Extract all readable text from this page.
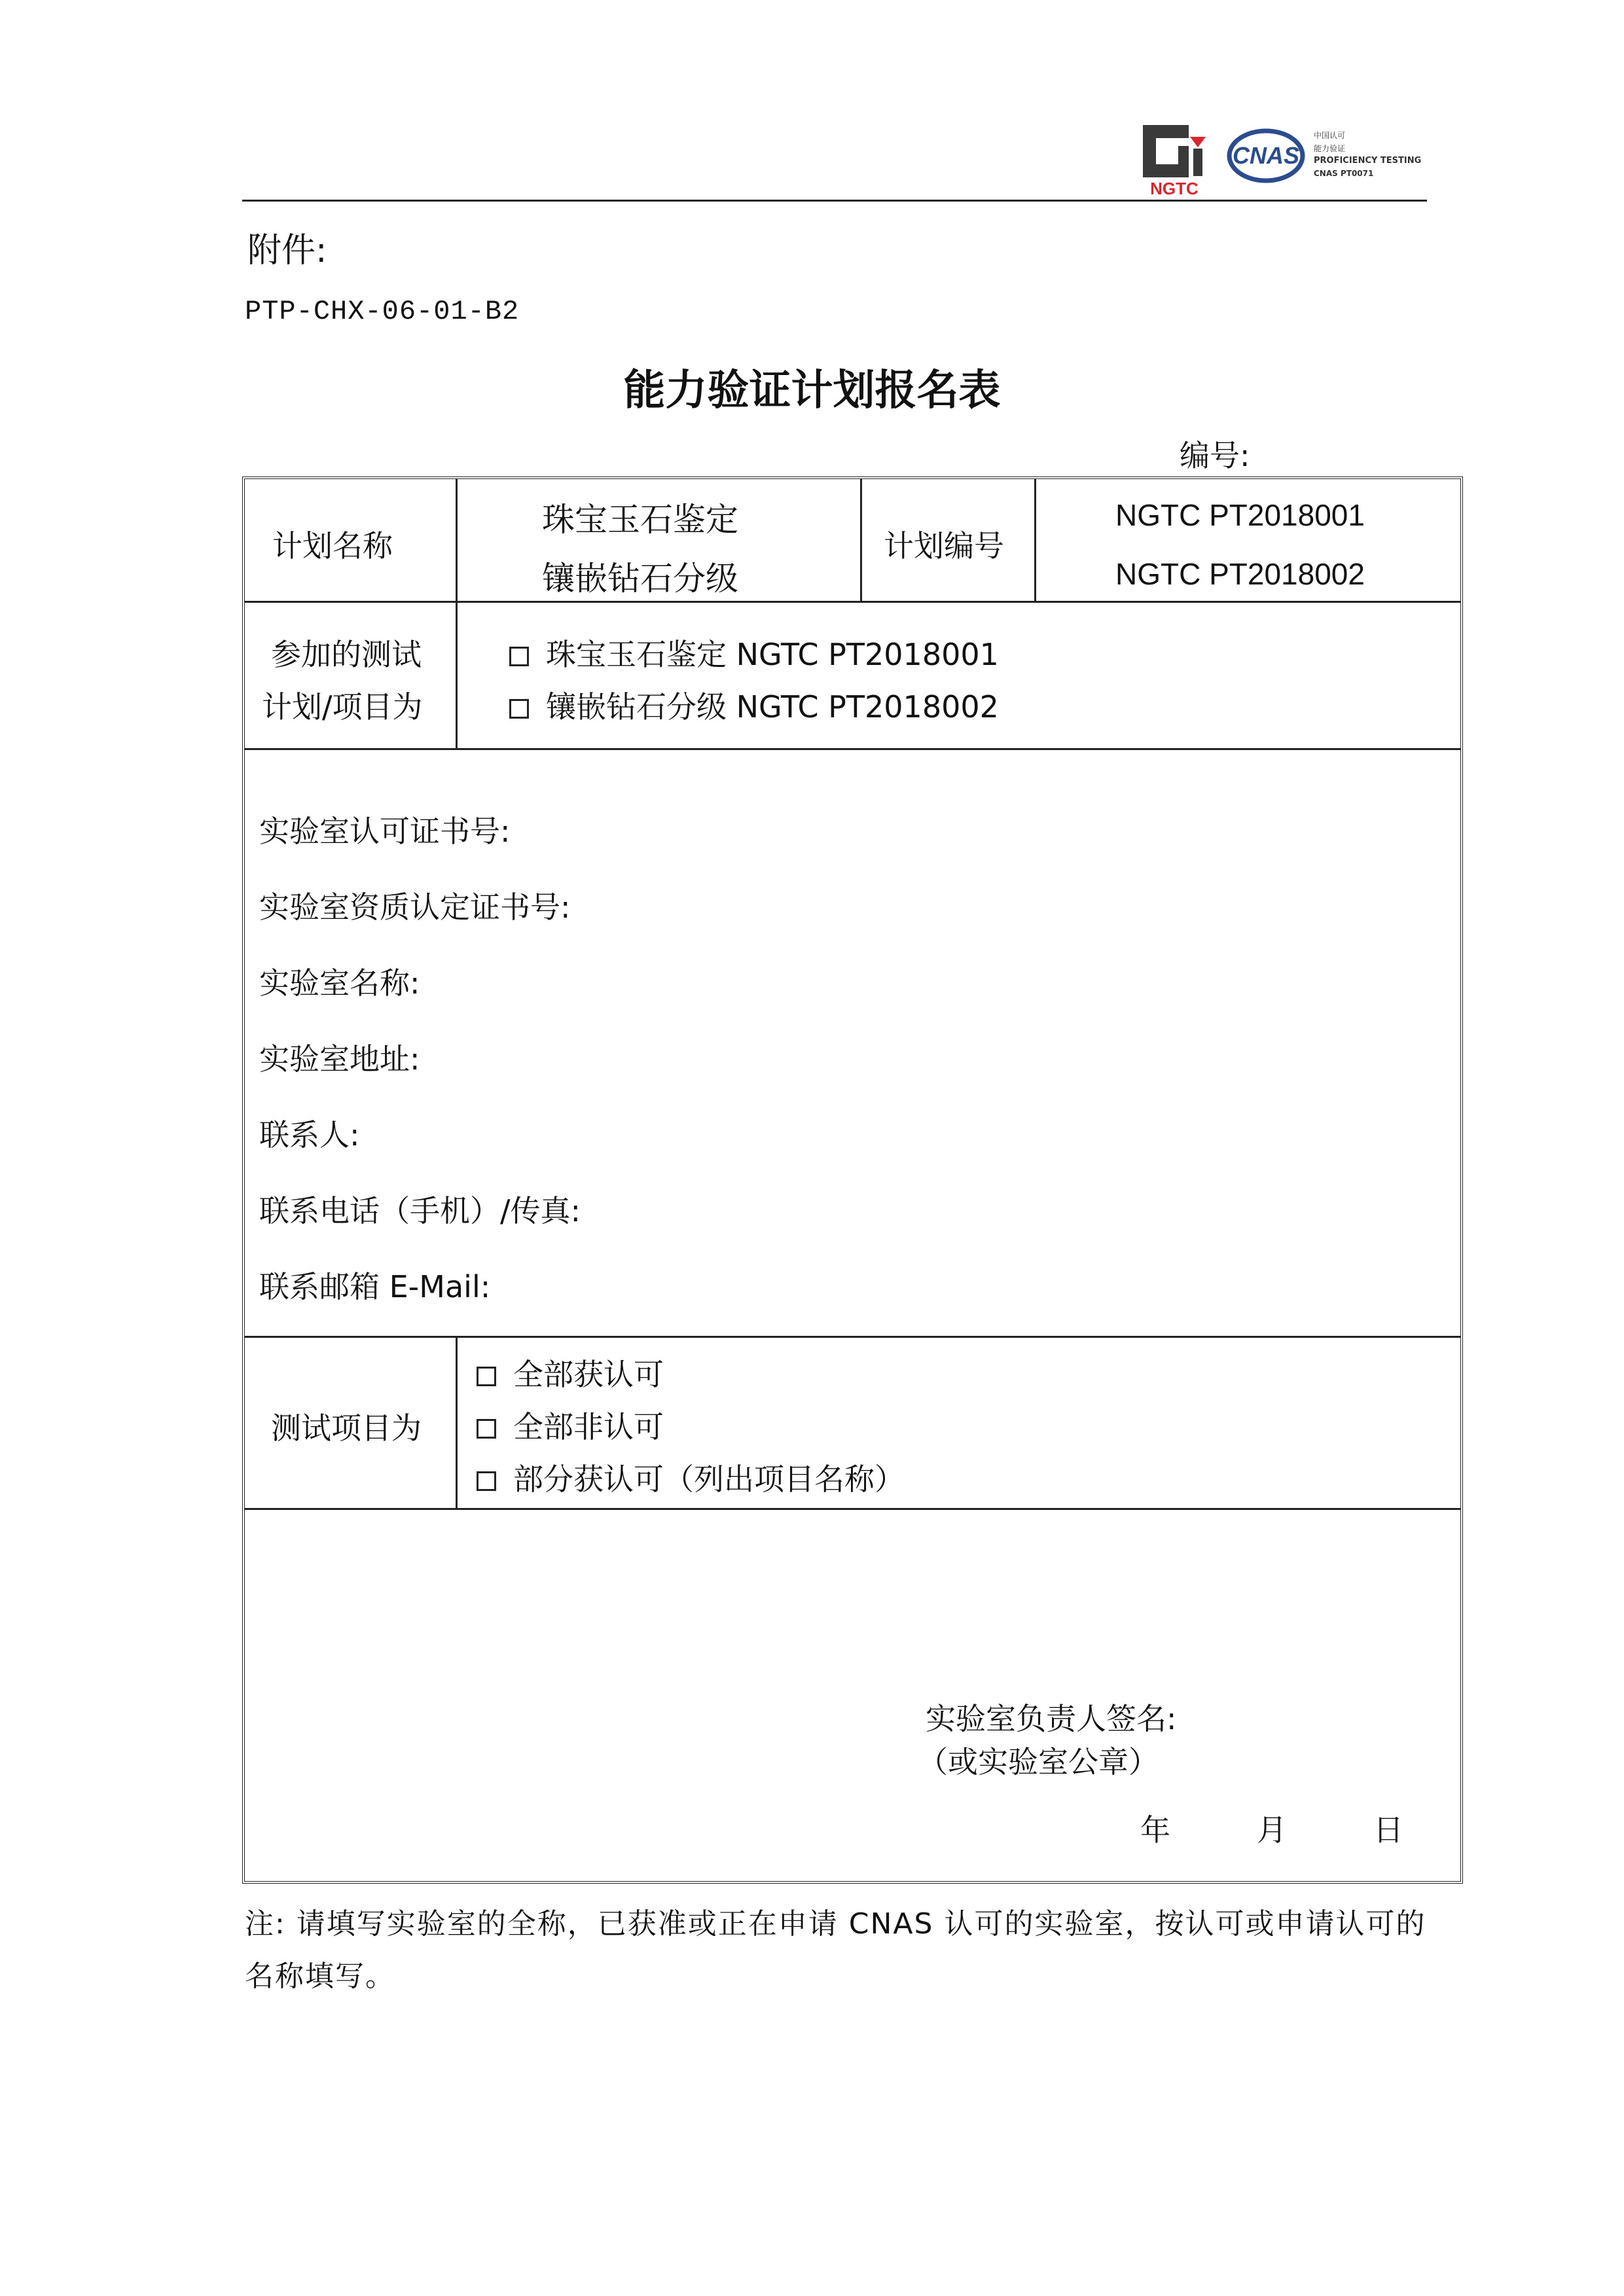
NGTC
CNAS
中国认可
能力验证
PROFICIENCY TESTING
CNAS PT0071
附件:
PTP-CHX-06-01-B2
能力验证计划报名表
编号:
计划名称
珠宝玉石鉴定
镶嵌钻石分级
计划编号
NGTC PT2018001
NGTC PT2018002
参加的测试
计划/项目为
珠宝玉石鉴定 NGTC PT2018001
镶嵌钻石分级 NGTC PT2018002
实验室认可证书号:
实验室资质认定证书号:
实验室名称:
实验室地址:
联系人:
联系电话（手机）/传真:
联系邮箱 E-Mail:
测试项目为
全部获认可
全部非认可
部分获认可（列出项目名称）
实验室负责人签名:
（或实验室公章）
年	月	日
注: 请填写实验室的全称，已获准或正在申请 CNAS 认可的实验室，按认可或申请认可的名称填写。
